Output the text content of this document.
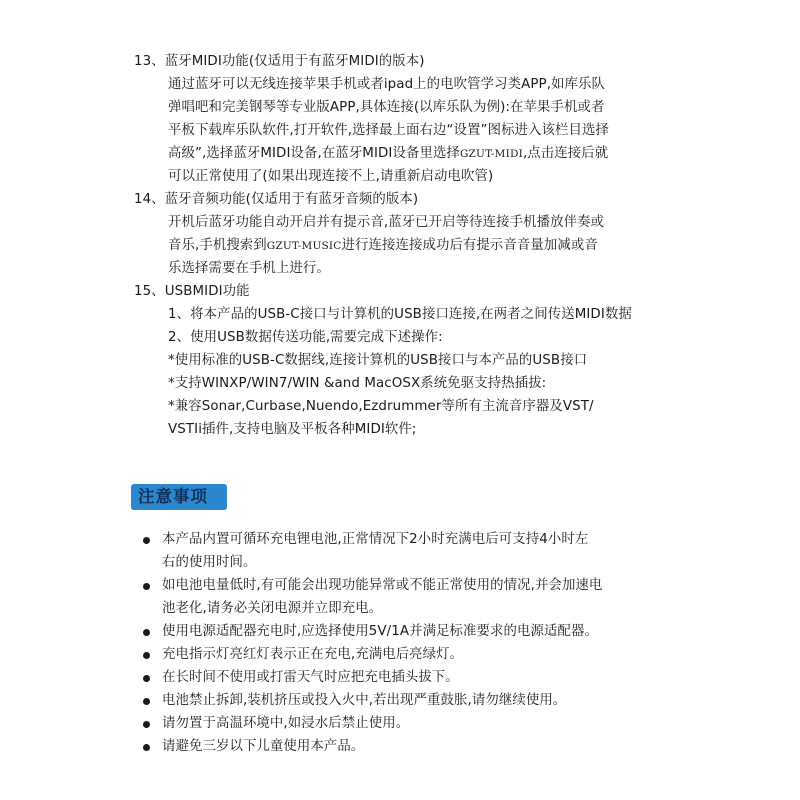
13、蓝牙MIDI功能(仅适用于有蓝牙MIDI的版本)
通过蓝牙可以无线连接苹果手机或者ipad上的电吹管学习类APP,如库乐队
弹唱吧和完美钢琴等专业版APP,具体连接(以库乐队为例):在苹果手机或者
平板下载库乐队软件,打开软件,选择最上面右边“设置”图标进入该栏目选择
高级”,选择蓝牙MIDI设备,在蓝牙MIDI设备里选择GZUT-MIDI,点击连接后就
可以正常使用了(如果出现连接不上,请重新启动电吹管)
14、蓝牙音频功能(仅适用于有蓝牙音频的版本)
开机后蓝牙功能自动开启并有提示音,蓝牙已开启等待连接手机播放伴奏或
音乐,手机搜索到GZUT-MUSIC进行连接连接成功后有提示音音量加减或音
乐选择需要在手机上进行。
15、USBMIDI功能
1、将本产品的USB-C接口与计算机的USB接口连接,在两者之间传送MIDI数据
2、使用USB数据传送功能,需要完成下述操作:
*使用标准的USB-C数据线,连接计算机的USB接口与本产品的USB接口
*支持WINXP/WIN7/WIN &and MacOSX系统免驱支持热插拔:
*兼容Sonar,Curbase,Nuendo,Ezdrummer等所有主流音序器及VST/
VSTIi插件,支持电脑及平板各种MIDI软件;
注意事项
本产品内置可循环充电锂电池,正常情况下2小时充满电后可支持4小时左
右的使用时间。
如电池电量低时,有可能会出现功能异常或不能正常使用的情况,并会加速电
池老化,请务必关闭电源并立即充电。
使用电源适配器充电时,应选择使用5V/1A并满足标准要求的电源适配器。
充电指示灯亮红灯表示正在充电,充满电后亮绿灯。
在长时间不使用或打雷天气时应把充电插头拔下。
电池禁止拆卸,装机挤压或投入火中,若出现严重鼓胀,请勿继续使用。
请勿置于高温环境中,如浸水后禁止使用。
请避免三岁以下儿童使用本产品。
